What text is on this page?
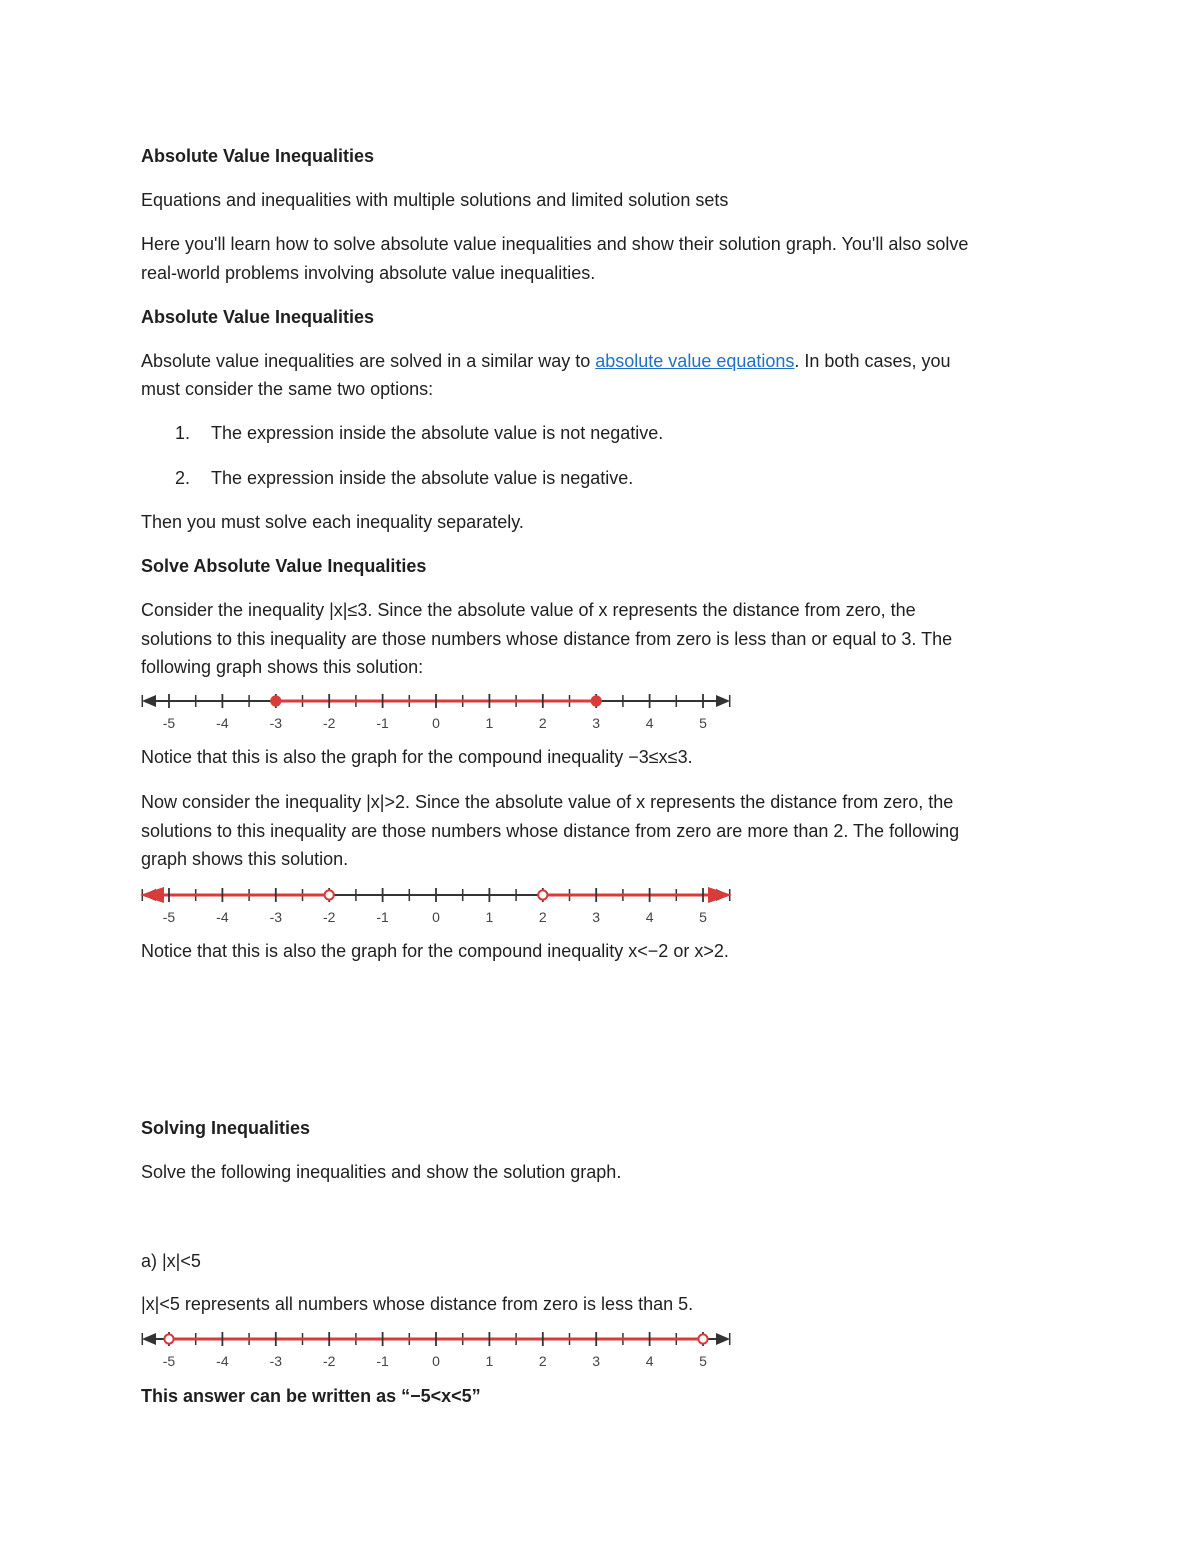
Absolute Value Inequalities

Equations and inequalities with multiple solutions and limited solution sets

Here you'll learn how to solve absolute value inequalities and show their solution graph. You'll also solve

real-world problems involving absolute value inequalities.

Absolute Value Inequalities

Absolute value inequalities are solved in a similar way to absolute value equations. In both cases, you

must consider the same two options:

1. The expression inside the absolute value is not negative.
2. The expression inside the absolute value is negative.

Then you must solve each inequality separately.

Solve Absolute Value Inequalities

Consider the inequality |x|≤3. Since the absolute value of x represents the distance from zero, the

solutions to this inequality are those numbers whose distance from zero is less than or equal to 3. The

following graph shows this solution:

-5	-4	-3	-2	-1	0	1	2	3	4	5

Notice that this is also the graph for the compound inequality −3≤x≤3.

Now consider the inequality |x|>2. Since the absolute value of x represents the distance from zero, the

solutions to this inequality are those numbers whose distance from zero are more than 2. The following

graph shows this solution.

-5	-4	-3	-2	-1	0	1	2	3	4	5

Notice that this is also the graph for the compound inequality x<−2 or x>2.

Solving Inequalities

Solve the following inequalities and show the solution graph.

a) |x|<5

|x|<5 represents all numbers whose distance from zero is less than 5.

-5	-4	-3	-2	-1	0	1	2	3	4	5

This answer can be written as “−5<x<5”
